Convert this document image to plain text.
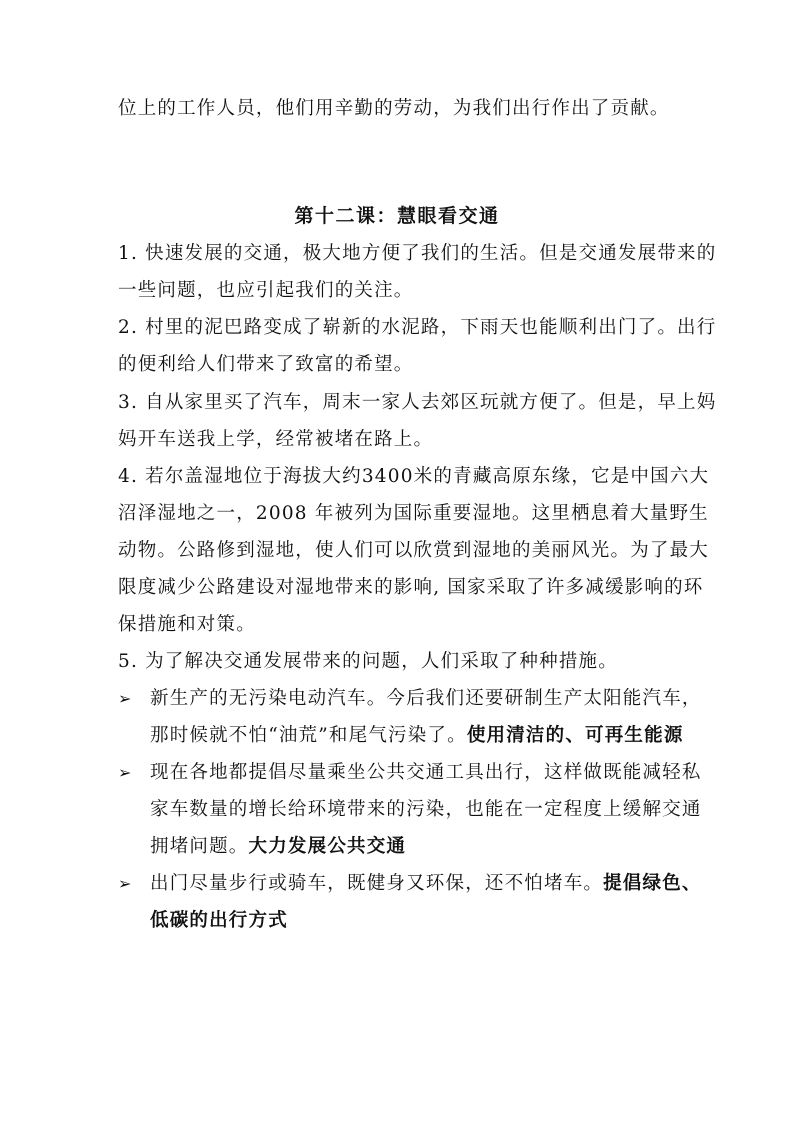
位上的工作人员，他们用辛勤的劳动，为我们出行作出了贡献。
第十二课：慧眼看交通
1. 快速发展的交通，极大地方便了我们的生活。但是交通发展带来的
一些问题，也应引起我们的关注。
2. 村里的泥巴路变成了崭新的水泥路，下雨天也能顺利出门了。出行
的便利给人们带来了致富的希望。
3. 自从家里买了汽车，周末一家人去郊区玩就方便了。但是，早上妈
妈开车送我上学，经常被堵在路上。
4. 若尔盖湿地位于海拔大约3400米的青藏高原东缘，它是中国六大
沼泽湿地之一，2008 年被列为国际重要湿地。这里栖息着大量野生
动物。公路修到湿地，使人们可以欣赏到湿地的美丽风光。为了最大
限度减少公路建设对湿地带来的影响, 国家采取了许多减缓影响的环
保措施和对策。
5. 为了解决交通发展带来的问题，人们采取了种种措施。
➢ 新生产的无污染电动汽车。今后我们还要研制生产太阳能汽车，
那时候就不怕“油荒”和尾气污染了。使用清洁的、可再生能源
➢ 现在各地都提倡尽量乘坐公共交通工具出行，这样做既能减轻私
家车数量的增长给环境带来的污染，也能在一定程度上缓解交通
拥堵问题。大力发展公共交通
➢ 出门尽量步行或骑车，既健身又环保，还不怕堵车。提倡绿色、
低碳的出行方式
